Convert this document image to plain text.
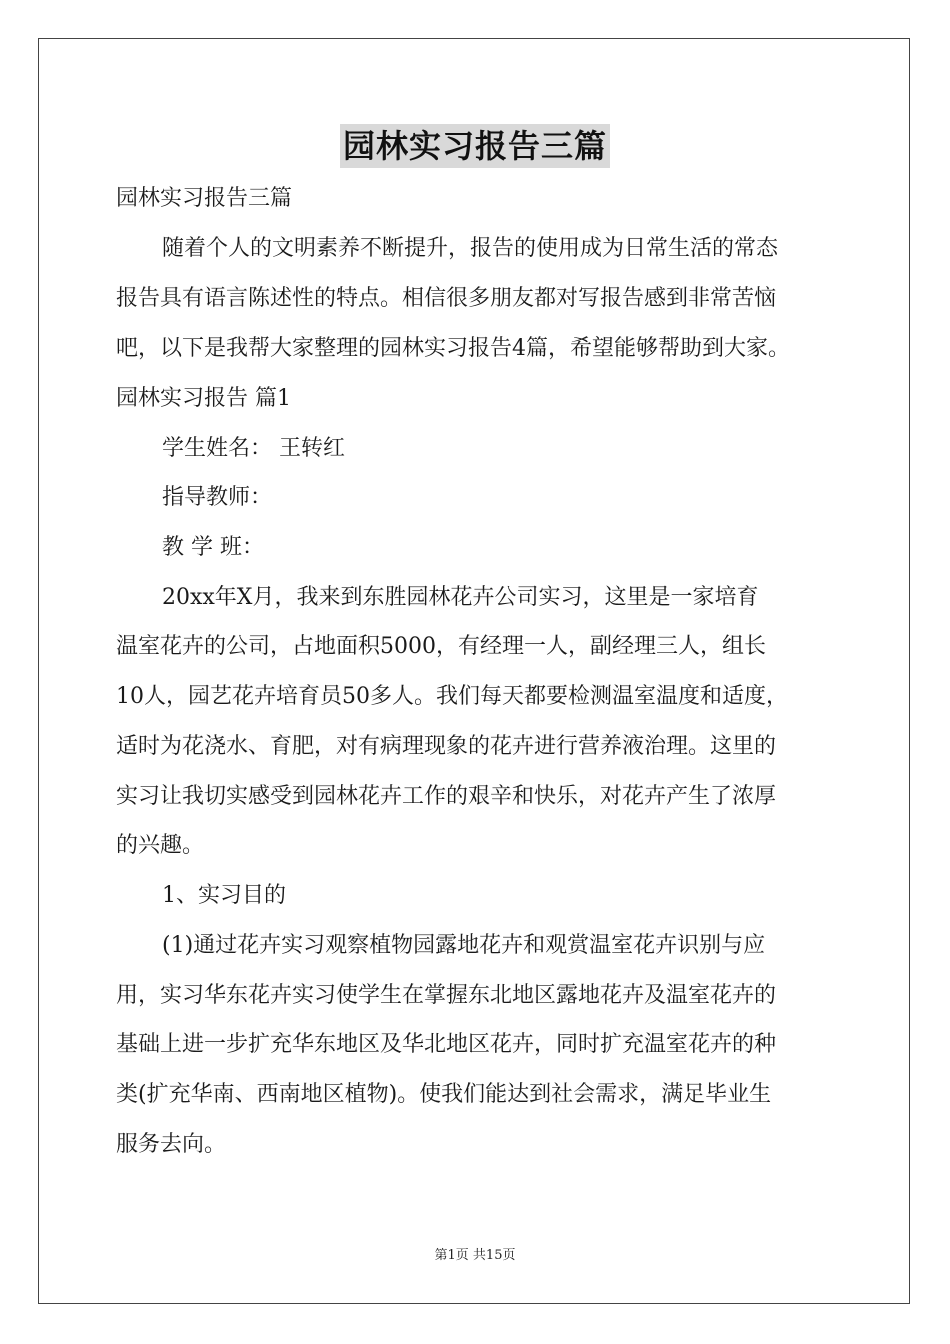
园林实习报告三篇
园林实习报告三篇
随着个人的文明素养不断提升，报告的使用成为日常生活的常态
报告具有语言陈述性的特点。相信很多朋友都对写报告感到非常苦恼
吧，以下是我帮大家整理的园林实习报告4篇，希望能够帮助到大家。
园林实习报告 篇1
学生姓名： 王转红
指导教师：
教 学 班：
20xx年X月，我来到东胜园林花卉公司实习，这里是一家培育
温室花卉的公司，占地面积5000，有经理一人，副经理三人，组长
10人，园艺花卉培育员50多人。我们每天都要检测温室温度和适度，
适时为花浇水、育肥，对有病理现象的花卉进行营养液治理。这里的
实习让我切实感受到园林花卉工作的艰辛和快乐，对花卉产生了浓厚
的兴趣。
1、实习目的
(1)通过花卉实习观察植物园露地花卉和观赏温室花卉识别与应
用，实习华东花卉实习使学生在掌握东北地区露地花卉及温室花卉的
基础上进一步扩充华东地区及华北地区花卉，同时扩充温室花卉的种
类(扩充华南、西南地区植物)。使我们能达到社会需求，满足毕业生
服务去向。
第1页 共15页
